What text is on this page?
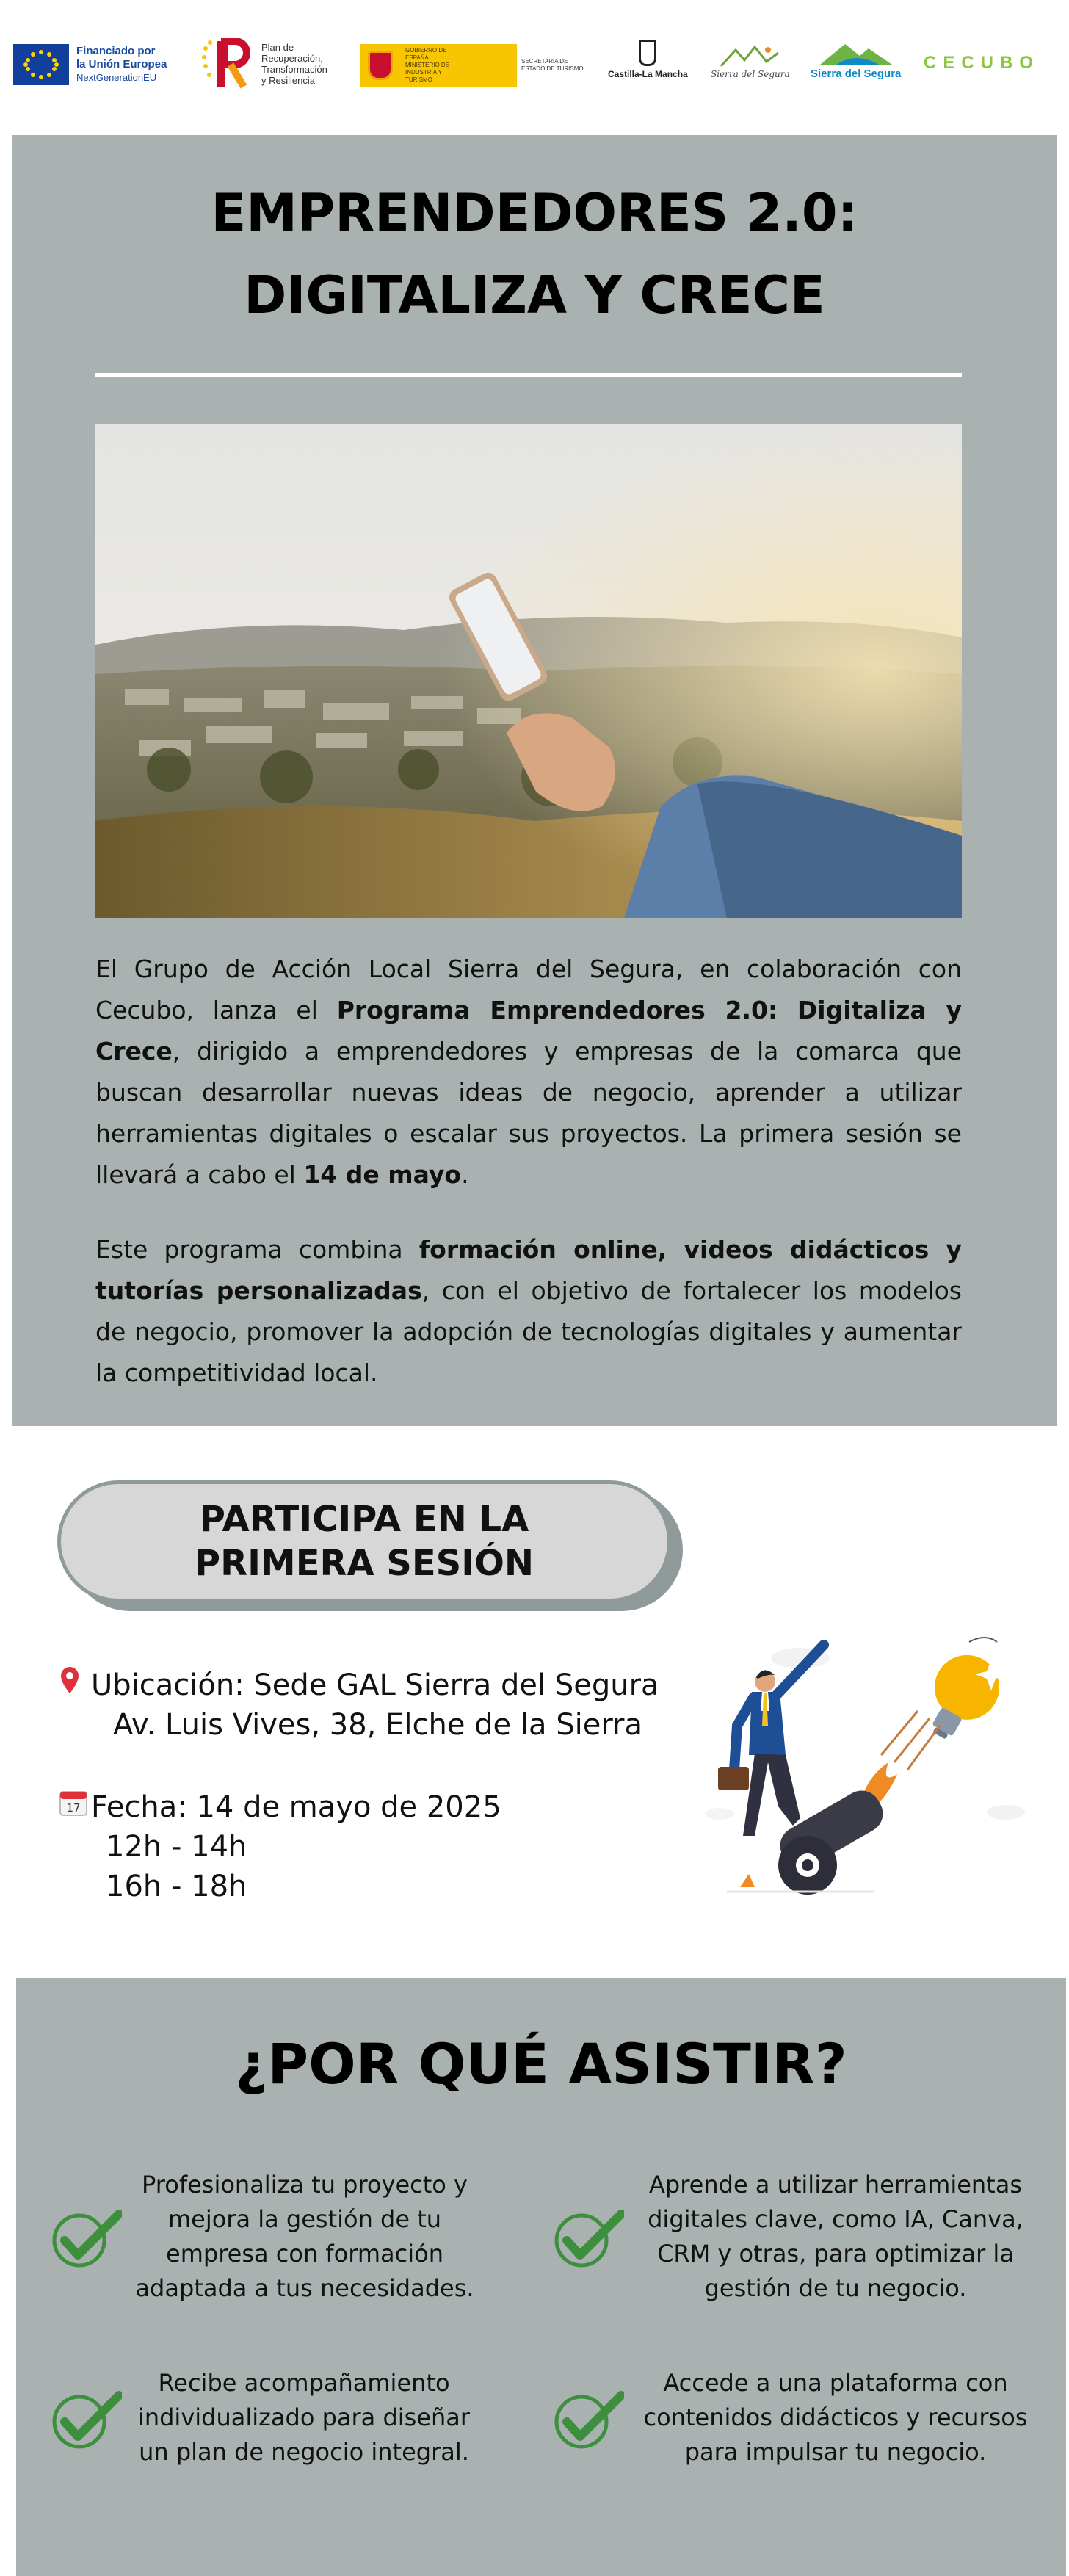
Financiado por
la Unión Europea
NextGenerationEU
Plan de
Recuperación,
Transformación
y Resiliencia
GOBIERNO DE ESPAÑA MINISTERIO DE INDUSTRIA Y TURISMO
SECRETARÍA DE ESTADO DE TURISMO
Castilla-La Mancha	Sierra del Segura Sierra del Segura
CECUBO
EMPRENDEDORES 2.0:
DIGITALIZA Y CRECE

El Grupo de Acción Local Sierra del Segura, en colaboración con Cecubo, lanza el Programa Emprendedores 2.0: Digitaliza y Crece, dirigido a emprendedores y empresas de la comarca que buscan desarrollar nuevas ideas de negocio, aprender a utilizar herramientas digitales o escalar sus proyectos. La primera sesión se llevará a cabo el 14 de mayo.

Este programa combina formación online, videos didácticos y tutorías personalizadas, con el objetivo de fortalecer los modelos de negocio, promover la adopción de tecnologías digitales y aumentar la competitividad local.

PARTICIPA EN LA
PRIMERA SESIÓN
Ubicación: Sede GAL Sierra del Segura
Av. Luis Vives, 38, Elche de la Sierra
17 Fecha: 14 de mayo de 2025
12h - 14h
16h - 18h
¿POR QUÉ ASISTIR?
Profesionaliza tu proyecto y mejora la gestión de tu empresa con formación adaptada a tus necesidades.
Aprende a utilizar herramientas digitales clave, como IA, Canva, CRM y otras, para optimizar la gestión de tu negocio.
Recibe acompañamiento individualizado para diseñar un plan de negocio integral.
Accede a una plataforma con contenidos didácticos y recursos para impulsar tu negocio.
